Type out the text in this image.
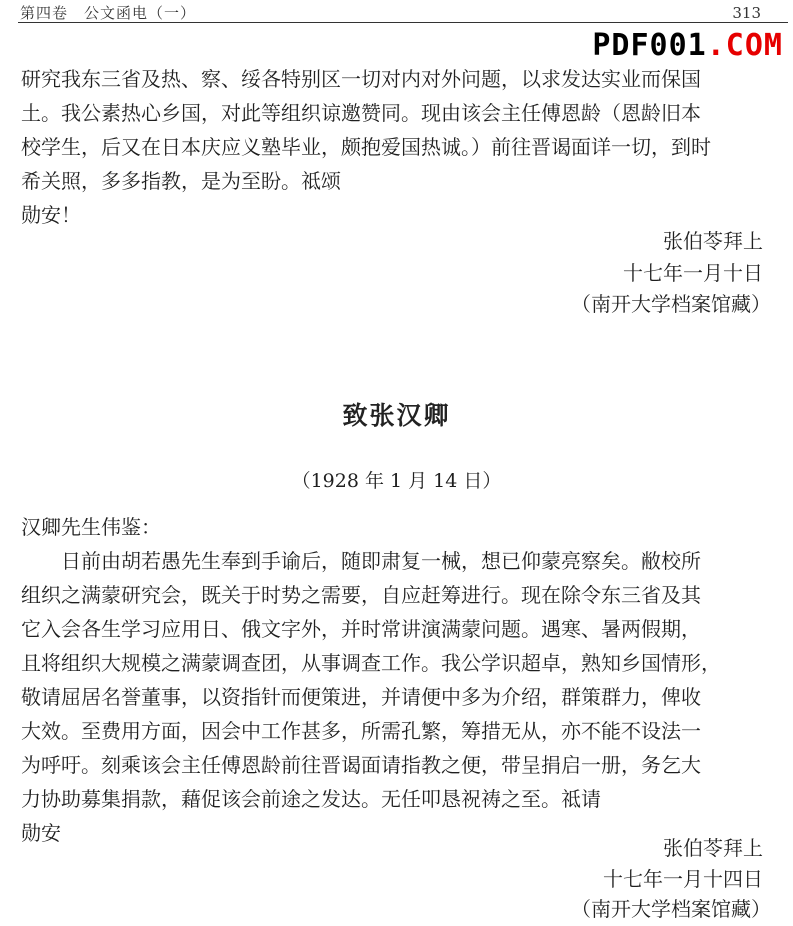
第四卷　公文函电（一）	313
PDF001.COM
研究我东三省及热、察、绥各特别区一切对内对外问题，以求发达实业而保国
土。我公素热心乡国，对此等组织谅邀赞同。现由该会主任傅恩龄（恩龄旧本
校学生，后又在日本庆应义塾毕业，颇抱爱国热诚。）前往晋谒面详一切，到时
希关照，多多指教，是为至盼。祗颂
勋安！
张伯苓拜上
十七年一月十日
（南开大学档案馆藏）
致张汉卿
（1928 年 1 月 14 日）
汉卿先生伟鉴：
日前由胡若愚先生奉到手谕后，随即肃复一械，想已仰蒙亮察矣。敝校所
组织之满蒙研究会，既关于时势之需要，自应赶筹进行。现在除令东三省及其
它入会各生学习应用日、俄文字外，并时常讲演满蒙问题。遇寒、暑两假期，
且将组织大规模之满蒙调查团，从事调查工作。我公学识超卓，熟知乡国情形，
敬请屈居名誉董事，以资指针而便策进，并请便中多为介绍，群策群力，俾收
大效。至费用方面，因会中工作甚多，所需孔繁，筹措无从，亦不能不设法一
为呼吁。刻乘该会主任傅恩龄前往晋谒面请指教之便，带呈捐启一册，务乞大
力协助募集捐款，藉促该会前途之发达。无任叩恳祝祷之至。祗请
勋安
张伯苓拜上
十七年一月十四日
（南开大学档案馆藏）
